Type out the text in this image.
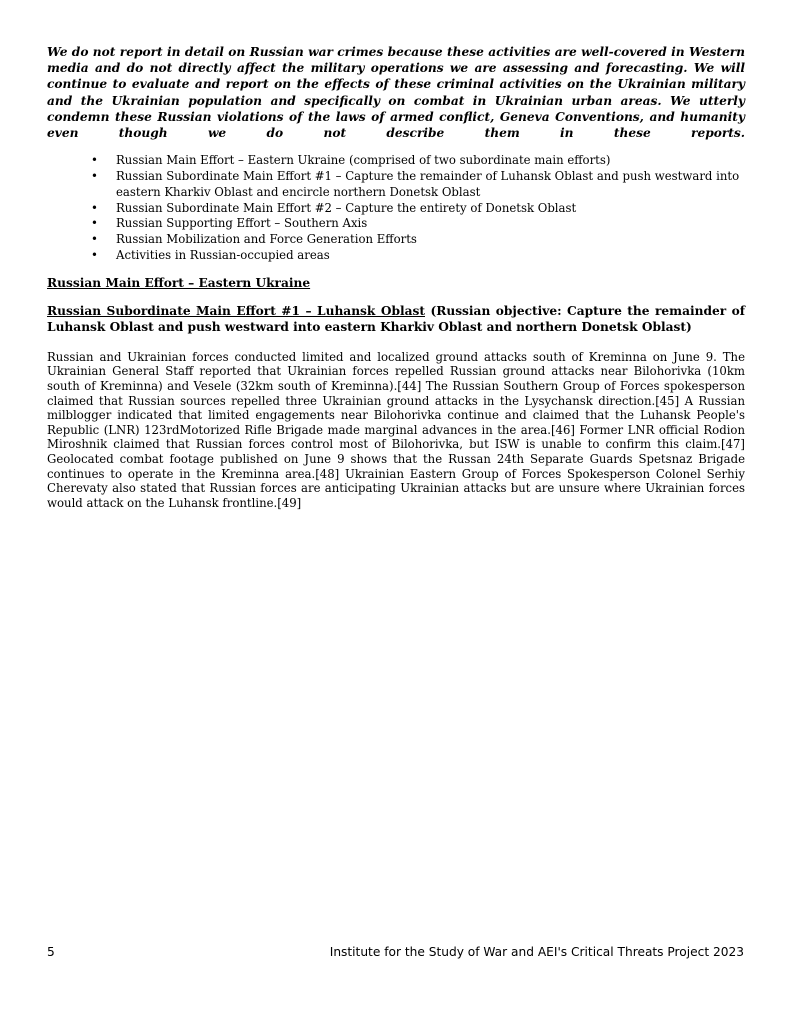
We do not report in detail on Russian war crimes because these activities are well-covered in Western media and do not directly affect the military operations we are assessing and forecasting. We will continue to evaluate and report on the effects of these criminal activities on the Ukrainian military and the Ukrainian population and specifically on combat in Ukrainian urban areas. We utterly condemn these Russian violations of the laws of armed conflict, Geneva Conventions, and humanity even though we do not describe them in these reports.

• Russian Main Effort – Eastern Ukraine (comprised of two subordinate main efforts)
• Russian Subordinate Main Effort #1 – Capture the remainder of Luhansk Oblast and push westward into eastern Kharkiv Oblast and encircle northern Donetsk Oblast
• Russian Subordinate Main Effort #2 – Capture the entirety of Donetsk Oblast
• Russian Supporting Effort – Southern Axis
• Russian Mobilization and Force Generation Efforts
• Activities in Russian-occupied areas
Russian Main Effort – Eastern Ukraine
Russian Subordinate Main Effort #1 – Luhansk Oblast (Russian objective: Capture the remainder of Luhansk Oblast and push westward into eastern Kharkiv Oblast and northern Donetsk Oblast)

Russian and Ukrainian forces conducted limited and localized ground attacks south of Kreminna on June 9. The Ukrainian General Staff reported that Ukrainian forces repelled Russian ground attacks near Bilohorivka (10km south of Kreminna) and Vesele (32km south of Kreminna).[44] The Russian Southern Group of Forces spokesperson claimed that Russian sources repelled three Ukrainian ground attacks in the Lysychansk direction.[45] A Russian milblogger indicated that limited engagements near Bilohorivka continue and claimed that the Luhansk People's Republic (LNR) 123rdMotorized Rifle Brigade made marginal advances in the area.[46] Former LNR official Rodion Miroshnik claimed that Russian forces control most of Bilohorivka, but ISW is unable to confirm this claim.[47] Geolocated combat footage published on June 9 shows that the Russan 24th Separate Guards Spetsnaz Brigade continues to operate in the Kreminna area.[48] Ukrainian Eastern Group of Forces Spokesperson Colonel Serhiy Cherevaty also stated that Russian forces are anticipating Ukrainian attacks but are unsure where Ukrainian forces would attack on the Luhansk frontline.[49]

5	Institute for the Study of War and AEI's Critical Threats Project 2023
